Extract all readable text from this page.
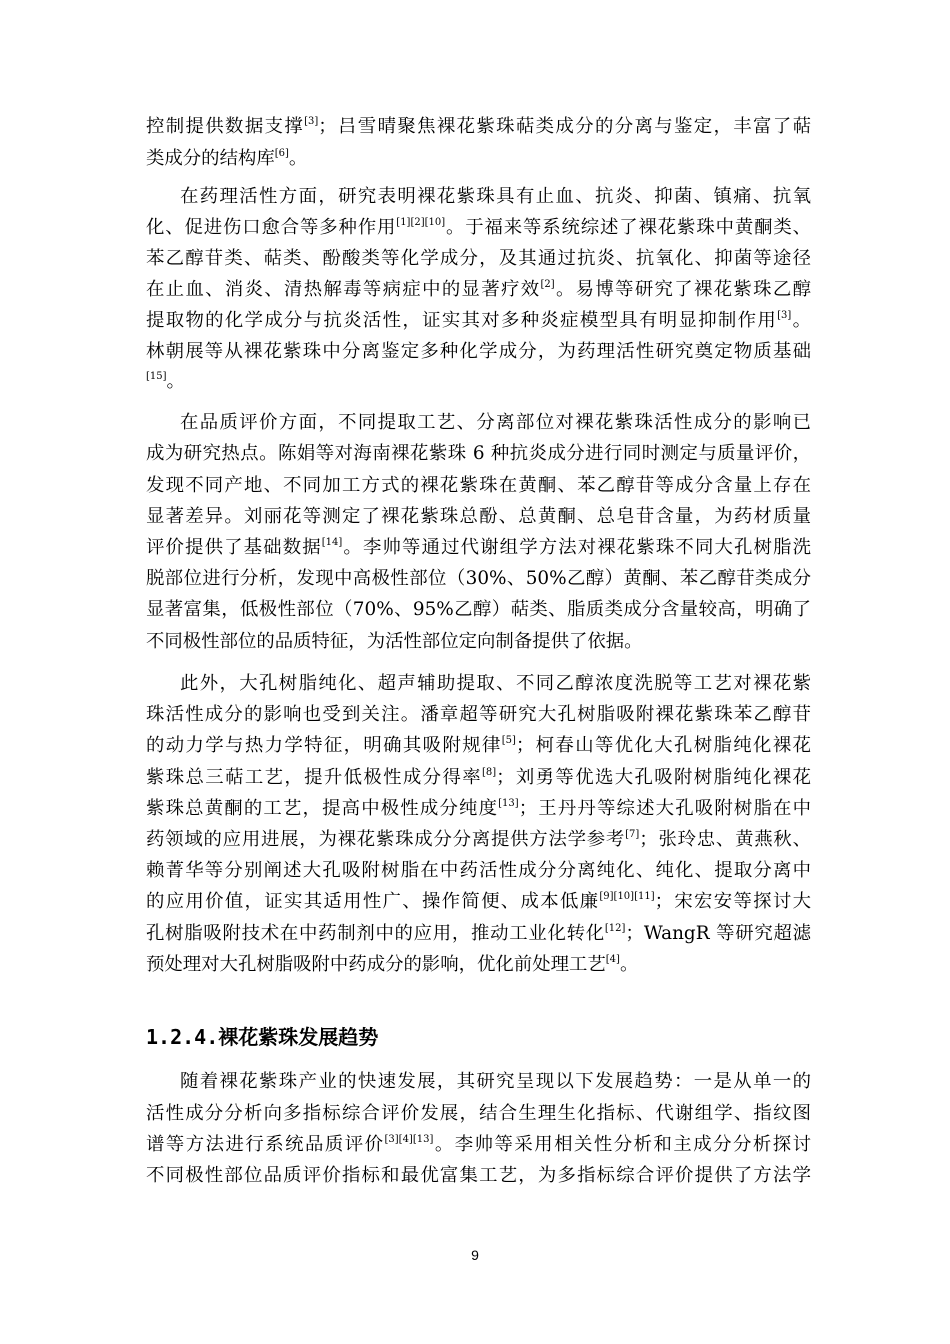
控制提供数据支撑[3]；吕雪晴聚焦裸花紫珠萜类成分的分离与鉴定，丰富了萜
类成分的结构库[6]。
在药理活性方面，研究表明裸花紫珠具有止血、抗炎、抑菌、镇痛、抗氧
化、促进伤口愈合等多种作用[1][2][10]。于福来等系统综述了裸花紫珠中黄酮类、
苯乙醇苷类、萜类、酚酸类等化学成分，及其通过抗炎、抗氧化、抑菌等途径
在止血、消炎、清热解毒等病症中的显著疗效[2]。易博等研究了裸花紫珠乙醇
提取物的化学成分与抗炎活性，证实其对多种炎症模型具有明显抑制作用[3]。
林朝展等从裸花紫珠中分离鉴定多种化学成分，为药理活性研究奠定物质基础
[15]。
在品质评价方面，不同提取工艺、分离部位对裸花紫珠活性成分的影响已
成为研究热点。陈娟等对海南裸花紫珠 6 种抗炎成分进行同时测定与质量评价，
发现不同产地、不同加工方式的裸花紫珠在黄酮、苯乙醇苷等成分含量上存在
显著差异。刘丽花等测定了裸花紫珠总酚、总黄酮、总皂苷含量，为药材质量
评价提供了基础数据[14]。李帅等通过代谢组学方法对裸花紫珠不同大孔树脂洗
脱部位进行分析，发现中高极性部位（30%、50%乙醇）黄酮、苯乙醇苷类成分
显著富集，低极性部位（70%、95%乙醇）萜类、脂质类成分含量较高，明确了
不同极性部位的品质特征，为活性部位定向制备提供了依据。
此外，大孔树脂纯化、超声辅助提取、不同乙醇浓度洗脱等工艺对裸花紫
珠活性成分的影响也受到关注。潘章超等研究大孔树脂吸附裸花紫珠苯乙醇苷
的动力学与热力学特征，明确其吸附规律[5]；柯春山等优化大孔树脂纯化裸花
紫珠总三萜工艺，提升低极性成分得率[8]；刘勇等优选大孔吸附树脂纯化裸花
紫珠总黄酮的工艺，提高中极性成分纯度[13]；王丹丹等综述大孔吸附树脂在中
药领域的应用进展，为裸花紫珠成分分离提供方法学参考[7]；张玲忠、黄燕秋、
赖菁华等分别阐述大孔吸附树脂在中药活性成分分离纯化、纯化、提取分离中
的应用价值，证实其适用性广、操作简便、成本低廉[9][10][11]；宋宏安等探讨大
孔树脂吸附技术在中药制剂中的应用，推动工业化转化[12]；WangR 等研究超滤
预处理对大孔树脂吸附中药成分的影响，优化前处理工艺[4]。
1.2.4.裸花紫珠发展趋势
随着裸花紫珠产业的快速发展，其研究呈现以下发展趋势：一是从单一的
活性成分分析向多指标综合评价发展，结合生理生化指标、代谢组学、指纹图
谱等方法进行系统品质评价[3][4][13]。李帅等采用相关性分析和主成分分析探讨
不同极性部位品质评价指标和最优富集工艺，为多指标综合评价提供了方法学
9
